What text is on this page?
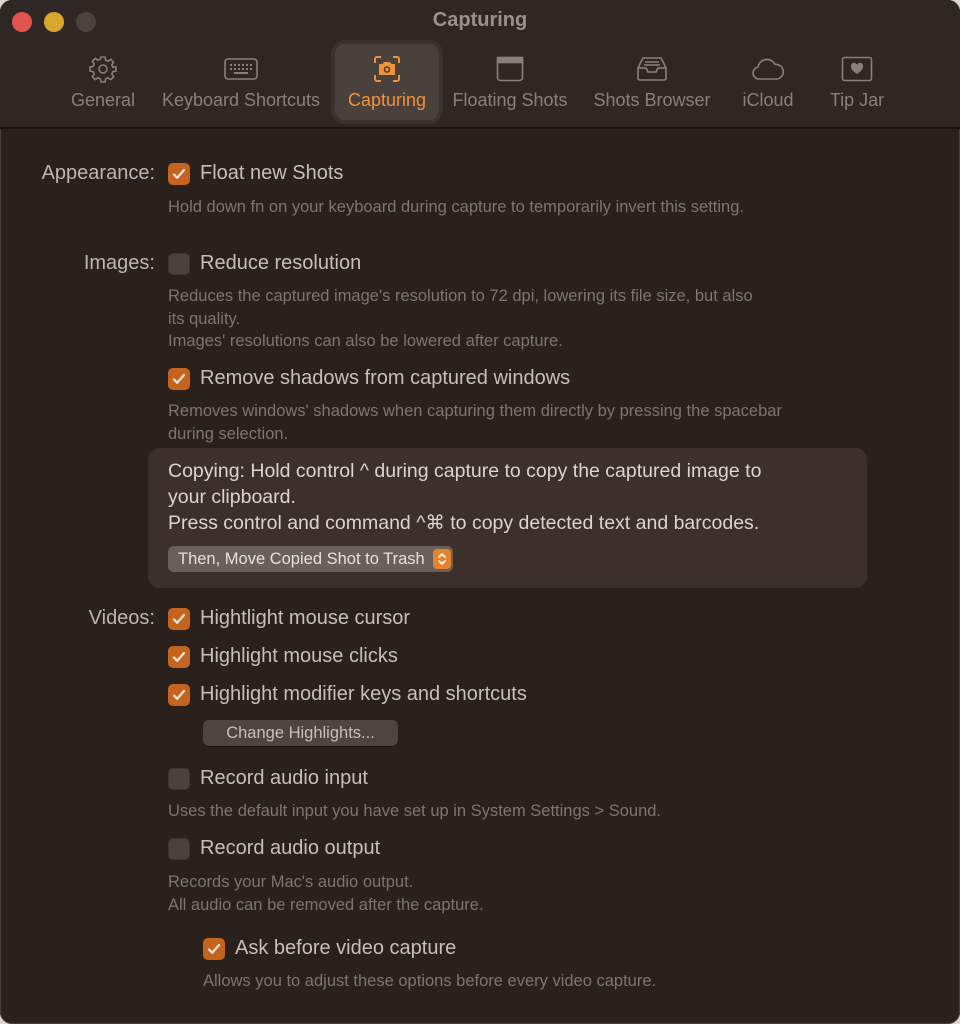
Capturing
General Keyboard Shortcuts Capturing Floating Shots Shots Browser iCloud Tip Jar
Appearance: Float new Shots
Hold down fn on your keyboard during capture to temporarily invert this setting.
Images: Reduce resolution
Reduces the captured image's resolution to 72 dpi, lowering its file size, but also
its quality.
Images' resolutions can also be lowered after capture.
Remove shadows from captured windows
Removes windows' shadows when capturing them directly by pressing the spacebar
during selection.
Copying: Hold control ^ during capture to copy the captured image to
your clipboard.
Press control and command ^⌘ to copy detected text and barcodes.
Then, Move Copied Shot to Trash
Videos: Hightlight mouse cursor
Highlight mouse clicks
Highlight modifier keys and shortcuts
Change Highlights...
Record audio input
Uses the default input you have set up in System Settings > Sound.
Record audio output
Records your Mac's audio output.
All audio can be removed after the capture.
Ask before video capture
Allows you to adjust these options before every video capture.
